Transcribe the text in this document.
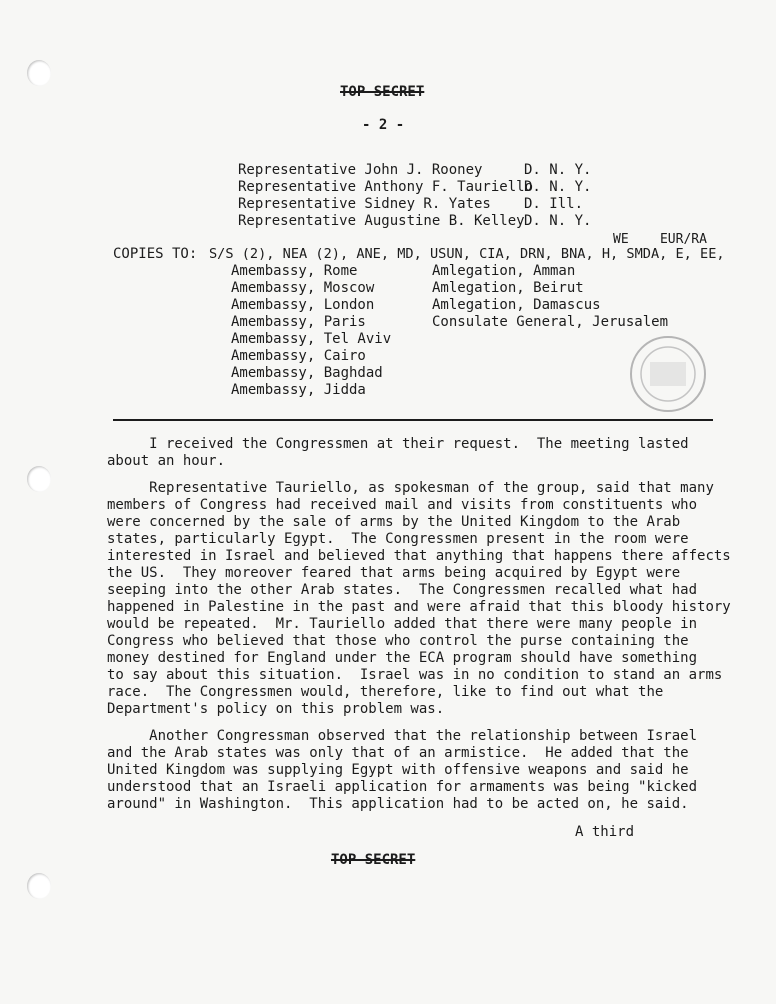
TOP SECRET
- 2 -
Representative John J. Rooney	D. N. Y.
Representative Anthony F. Tauriello
D. N. Y.
Representative Sidney R. Yates D. Ill.
Representative Augustine B. Kelley D. N. Y.
WE    EUR/RA
COPIES TO: S/S (2), NEA (2), ANE, MD, USUN, CIA, DRN, BNA, H, SMDA, E, EE,
Amembassy, Rome
Amembassy, Moscow
Amembassy, London
Amembassy, Paris
Amembassy, Tel Aviv
Amembassy, Cairo
Amembassy, Baghdad
Amembassy, Jidda
Amlegation, Amman
Amlegation, Beirut
Amlegation, Damascus
Consulate General, Jerusalem
I received the Congressmen at their request.  The meeting lasted
about an hour.
Representative Tauriello, as spokesman of the group, said that many
members of Congress had received mail and visits from constituents who
were concerned by the sale of arms by the United Kingdom to the Arab
states, particularly Egypt.  The Congressmen present in the room were
interested in Israel and believed that anything that happens there affects
the US.  They moreover feared that arms being acquired by Egypt were
seeping into the other Arab states.  The Congressmen recalled what had
happened in Palestine in the past and were afraid that this bloody history
would be repeated.  Mr. Tauriello added that there were many people in
Congress who believed that those who control the purse containing the
money destined for England under the ECA program should have something
to say about this situation.  Israel was in no condition to stand an arms
race.  The Congressmen would, therefore, like to find out what the
Department's policy on this problem was.
Another Congressman observed that the relationship between Israel
and the Arab states was only that of an armistice.  He added that the
United Kingdom was supplying Egypt with offensive weapons and said he
understood that an Israeli application for armaments was being "kicked
around" in Washington.  This application had to be acted on, he said.
A third
TOP SECRET
